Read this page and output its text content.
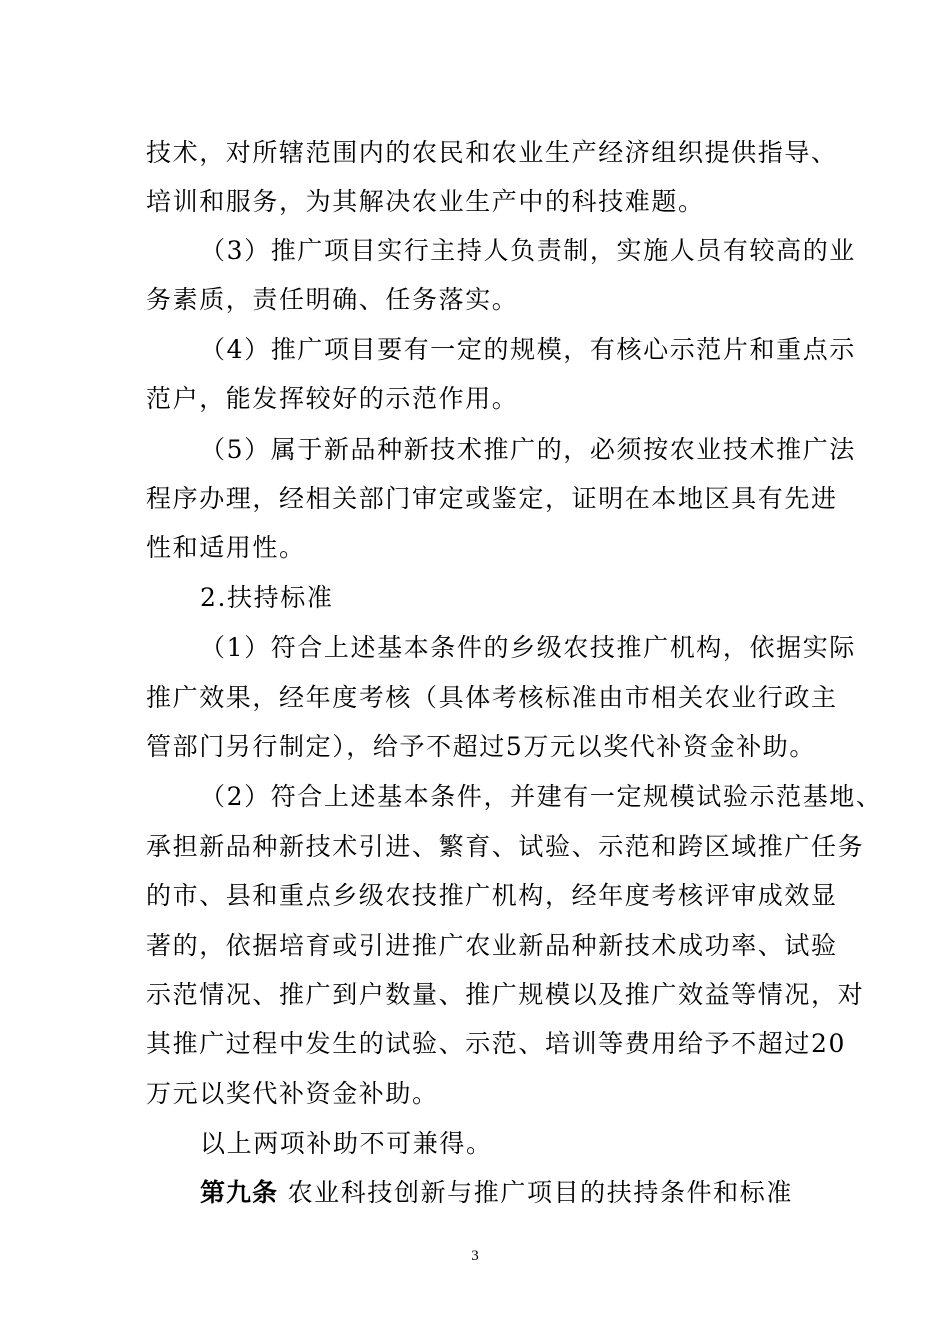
技术，对所辖范围内的农民和农业生产经济组织提供指导、
培训和服务，为其解决农业生产中的科技难题。
（3）推广项目实行主持人负责制，实施人员有较高的业
务素质，责任明确、任务落实。
（4）推广项目要有一定的规模，有核心示范片和重点示
范户，能发挥较好的示范作用。
（5）属于新品种新技术推广的，必须按农业技术推广法
程序办理，经相关部门审定或鉴定，证明在本地区具有先进
性和适用性。
2.扶持标准
（1）符合上述基本条件的乡级农技推广机构，依据实际
推广效果，经年度考核（具体考核标准由市相关农业行政主
管部门另行制定），给予不超过5万元以奖代补资金补助。
（2）符合上述基本条件，并建有一定规模试验示范基地、
承担新品种新技术引进、繁育、试验、示范和跨区域推广任务
的市、县和重点乡级农技推广机构，经年度考核评审成效显
著的，依据培育或引进推广农业新品种新技术成功率、试验
示范情况、推广到户数量、推广规模以及推广效益等情况，对
其推广过程中发生的试验、示范、培训等费用给予不超过20
万元以奖代补资金补助。
以上两项补助不可兼得。
第九条 农业科技创新与推广项目的扶持条件和标准
3
